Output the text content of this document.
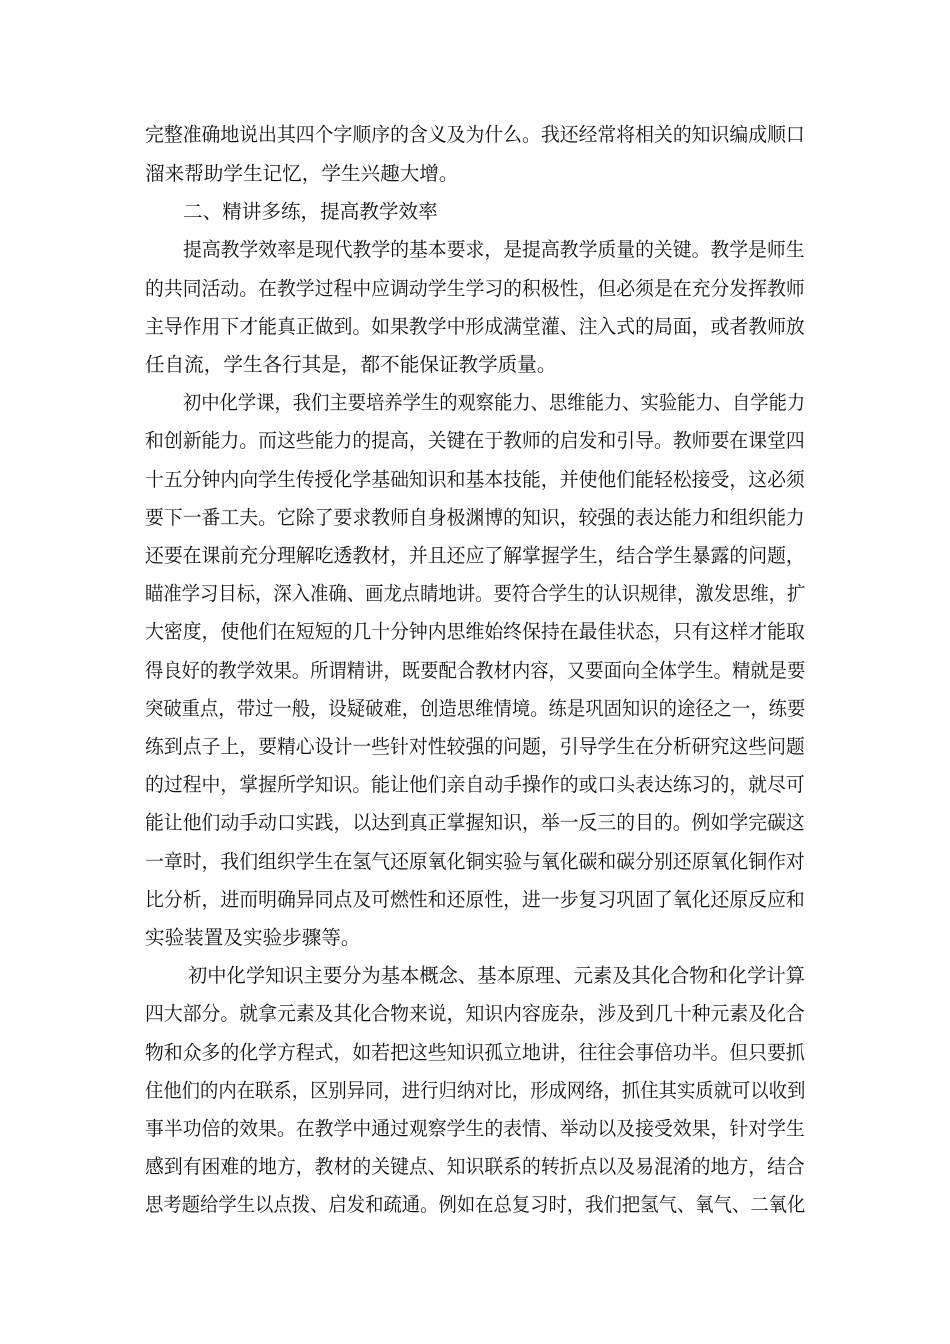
完整准确地说出其四个字顺序的含义及为什么。我还经常将相关的知识编成顺口
溜来帮助学生记忆，学生兴趣大增。
二、精讲多练，提高教学效率
提高教学效率是现代教学的基本要求，是提高教学质量的关键。教学是师生
的共同活动。在教学过程中应调动学生学习的积极性，但必须是在充分发挥教师
主导作用下才能真正做到。如果教学中形成满堂灌、注入式的局面，或者教师放
任自流，学生各行其是，都不能保证教学质量。
初中化学课，我们主要培养学生的观察能力、思维能力、实验能力、自学能力
和创新能力。而这些能力的提高，关键在于教师的启发和引导。教师要在课堂四
十五分钟内向学生传授化学基础知识和基本技能，并使他们能轻松接受，这必须
要下一番工夫。它除了要求教师自身极渊博的知识，较强的表达能力和组织能力
还要在课前充分理解吃透教材，并且还应了解掌握学生，结合学生暴露的问题，
瞄准学习目标，深入准确、画龙点睛地讲。要符合学生的认识规律，激发思维，扩
大密度，使他们在短短的几十分钟内思维始终保持在最佳状态，只有这样才能取
得良好的教学效果。所谓精讲，既要配合教材内容，又要面向全体学生。精就是要
突破重点，带过一般，设疑破难，创造思维情境。练是巩固知识的途径之一，练要
练到点子上，要精心设计一些针对性较强的问题，引导学生在分析研究这些问题
的过程中，掌握所学知识。能让他们亲自动手操作的或口头表达练习的，就尽可
能让他们动手动口实践，以达到真正掌握知识，举一反三的目的。例如学完碳这
一章时，我们组织学生在氢气还原氧化铜实验与氧化碳和碳分别还原氧化铜作对
比分析，进而明确异同点及可燃性和还原性，进一步复习巩固了氧化还原反应和
实验装置及实验步骤等。
初中化学知识主要分为基本概念、基本原理、元素及其化合物和化学计算
四大部分。就拿元素及其化合物来说，知识内容庞杂，涉及到几十种元素及化合
物和众多的化学方程式，如若把这些知识孤立地讲，往往会事倍功半。但只要抓
住他们的内在联系，区别异同，进行归纳对比，形成网络，抓住其实质就可以收到
事半功倍的效果。在教学中通过观察学生的表情、举动以及接受效果，针对学生
感到有困难的地方，教材的关键点、知识联系的转折点以及易混淆的地方，结合
思考题给学生以点拨、启发和疏通。例如在总复习时，我们把氢气、氧气、二氧化
